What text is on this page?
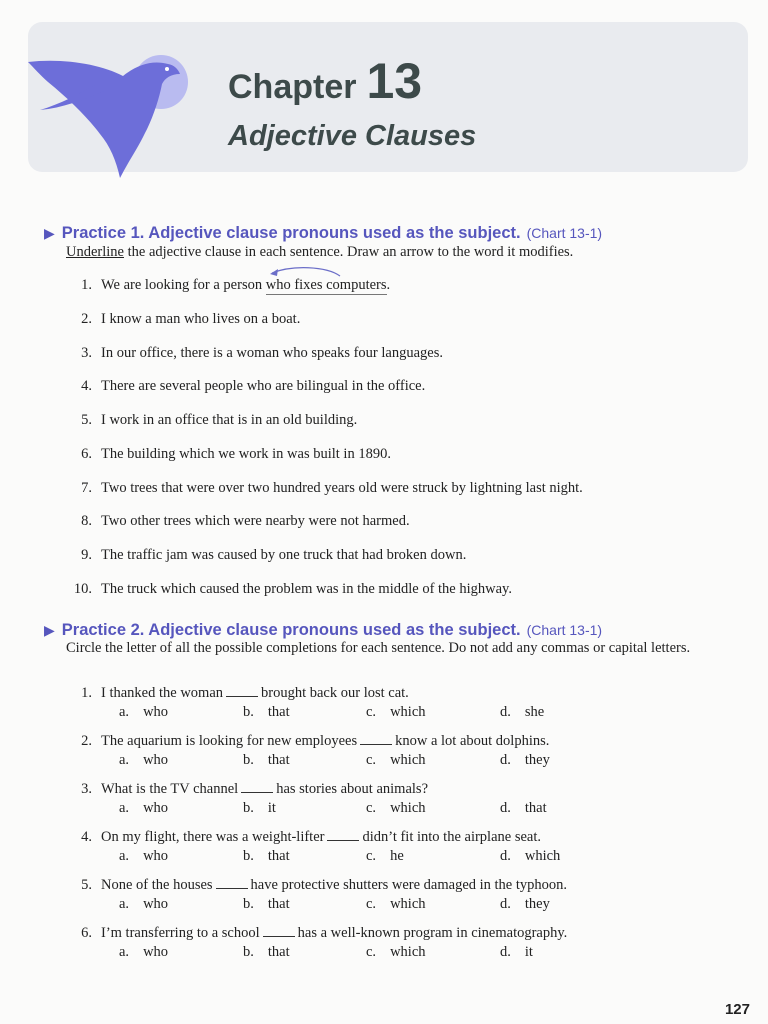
Chapter 13
Adjective Clauses
▶ Practice 1. Adjective clause pronouns used as the subject. (Chart 13-1)
Underline the adjective clause in each sentence. Draw an arrow to the word it modifies.
1. We are looking for a person who fixes computers.
2. I know a man who lives on a boat.
3. In our office, there is a woman who speaks four languages.
4. There are several people who are bilingual in the office.
5. I work in an office that is in an old building.
6. The building which we work in was built in 1890.
7. Two trees that were over two hundred years old were struck by lightning last night.
8. Two other trees which were nearby were not harmed.
9. The traffic jam was caused by one truck that had broken down.
10. The truck which caused the problem was in the middle of the highway.
▶ Practice 2. Adjective clause pronouns used as the subject. (Chart 13-1)
Circle the letter of all the possible completions for each sentence. Do not add any commas or capital letters.
1. I thanked the woman	brought back our lost cat.
a. who	b. that	c. which	d. she
2. The aquarium is looking for new employees	know a lot about dolphins.
a. who	b. that	c. which	d. they
3. What is the TV channel	has stories about animals?
a. who	b. it	c. which	d. that
4. On my flight, there was a weight-lifter	didn’t fit into the airplane seat.
a. who	b. that	c. he	d. which
5. None of the houses	have protective shutters were damaged in the typhoon.
a. who	b. that	c. which	d. they
6. I’m transferring to a school	has a well-known program in cinematography.
a. who	b. that	c. which	d. it
127
